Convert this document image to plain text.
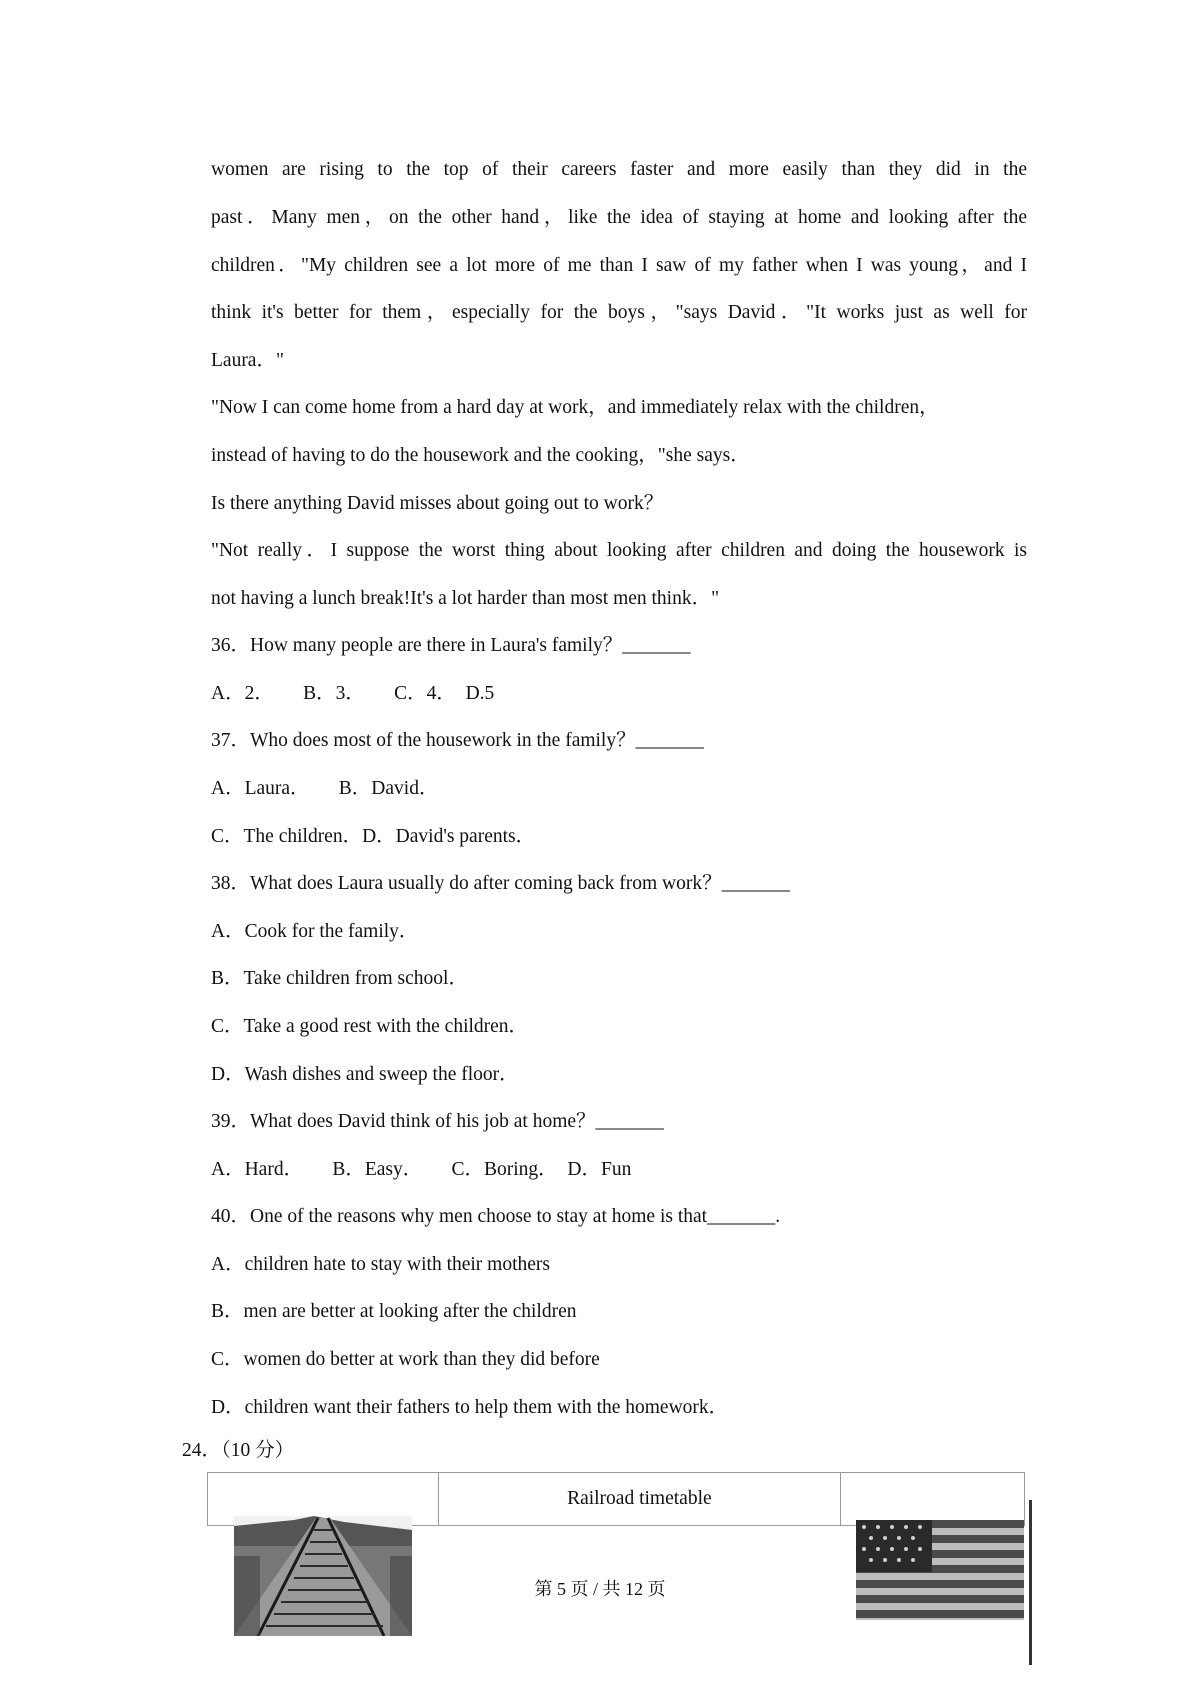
women are rising to the top of their careers faster and more easily than they did in the

past．Many men，on the other hand，like the idea of staying at home and looking after the

children．"My children see a lot more of me than I saw of my father when I was young，and I

think it's better for them，especially for the boys，"says David．"It works just as well for

Laura．"

"Now I can come home from a hard day at work，and immediately relax with the children，

instead of having to do the housework and the cooking，"she says．

Is there anything David misses about going out to work？

"Not really．I suppose the worst thing about looking after children and doing the housework is

not having a lunch break!It's a lot harder than most men think．"

36．How many people are there in Laura's family？_______

A．2．　　B．3．　　C．4．  D.5

37．Who does most of the housework in the family？_______

A．Laura．　　B．David．

C．The children．D．David's parents．

38．What does Laura usually do after coming back from work？_______

A．Cook for the family．

B．Take children from school．

C．Take a good rest with the children．

D．Wash dishes and sweep the floor．

39．What does David think of his job at home？_______

A．Hard．　　B．Easy．　　C．Boring．  D．Fun

40．One of the reasons why men choose to stay at home is that_______.

A．children hate to stay with their mothers

B．men are better at looking after the children

C．women do better at work than they did before

D．children want their fathers to help them with the homework．

24．（10 分）

	Railroad timetable	
第 5 页 / 共 12 页
